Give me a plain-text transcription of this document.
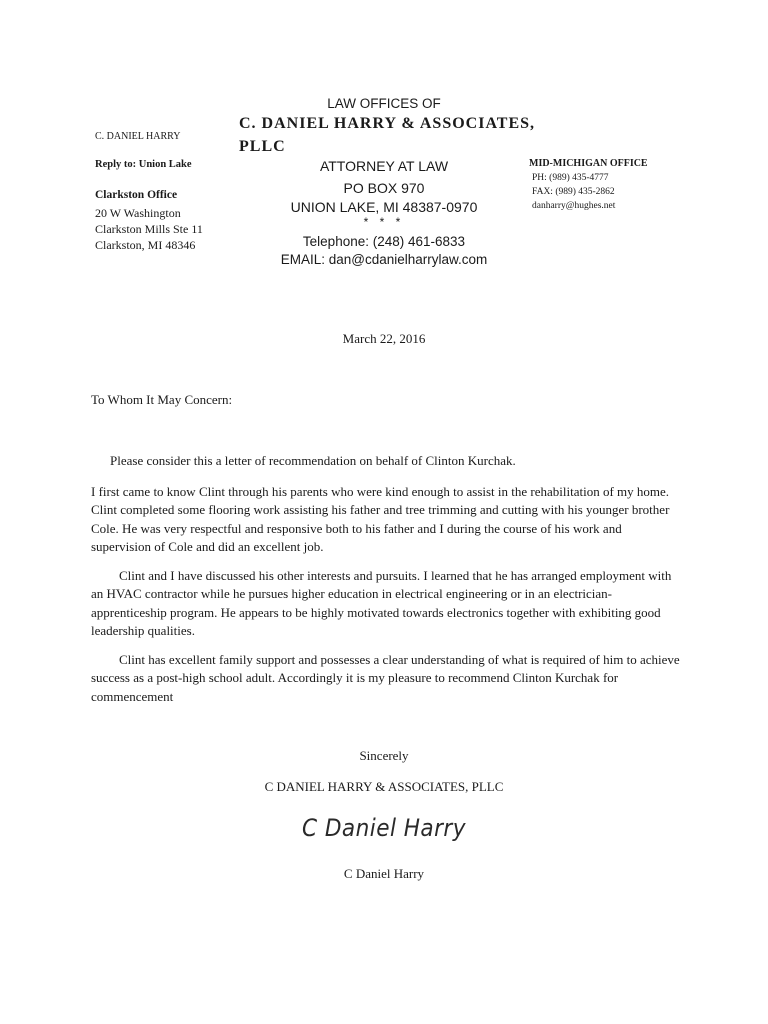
C. DANIEL HARRY
Reply to: Union Lake
Clarkston Office
20 W Washington
Clarkston Mills Ste 11
Clarkston, MI 48346
LAW OFFICES OF
C. DANIEL HARRY & ASSOCIATES,
PLLC
ATTORNEY AT LAW
PO BOX 970
UNION LAKE, MI 48387-0970
* * *
Telephone: (248) 461-6833
EMAIL: dan@cdanielharrylaw.com
MID-MICHIGAN OFFICE
PH: (989) 435-4777
FAX: (989) 435-2862
danharry@hughes.net
March 22, 2016
To Whom It May Concern:
Please consider this a letter of recommendation on behalf of Clinton Kurchak.
I first came to know Clint through his parents who were kind enough to assist in the rehabilitation of my home. Clint completed some flooring work assisting his father and tree trimming and cutting with his younger brother Cole. He was very respectful and responsive both to his father and I during the course of his work and supervision of Cole and did an excellent job.
Clint and I have discussed his other interests and pursuits. I learned that he has arranged employment with an HVAC contractor while he pursues higher education in electrical engineering or in an electrician-apprenticeship program. He appears to be highly motivated towards electronics together with exhibiting good leadership qualities.
Clint has excellent family support and possesses a clear understanding of what is required of him to achieve success as a post-high school adult. Accordingly it is my pleasure to recommend Clinton Kurchak for commencement
Sincerely
C DANIEL HARRY & ASSOCIATES, PLLC
C Daniel Harry
C Daniel Harry
